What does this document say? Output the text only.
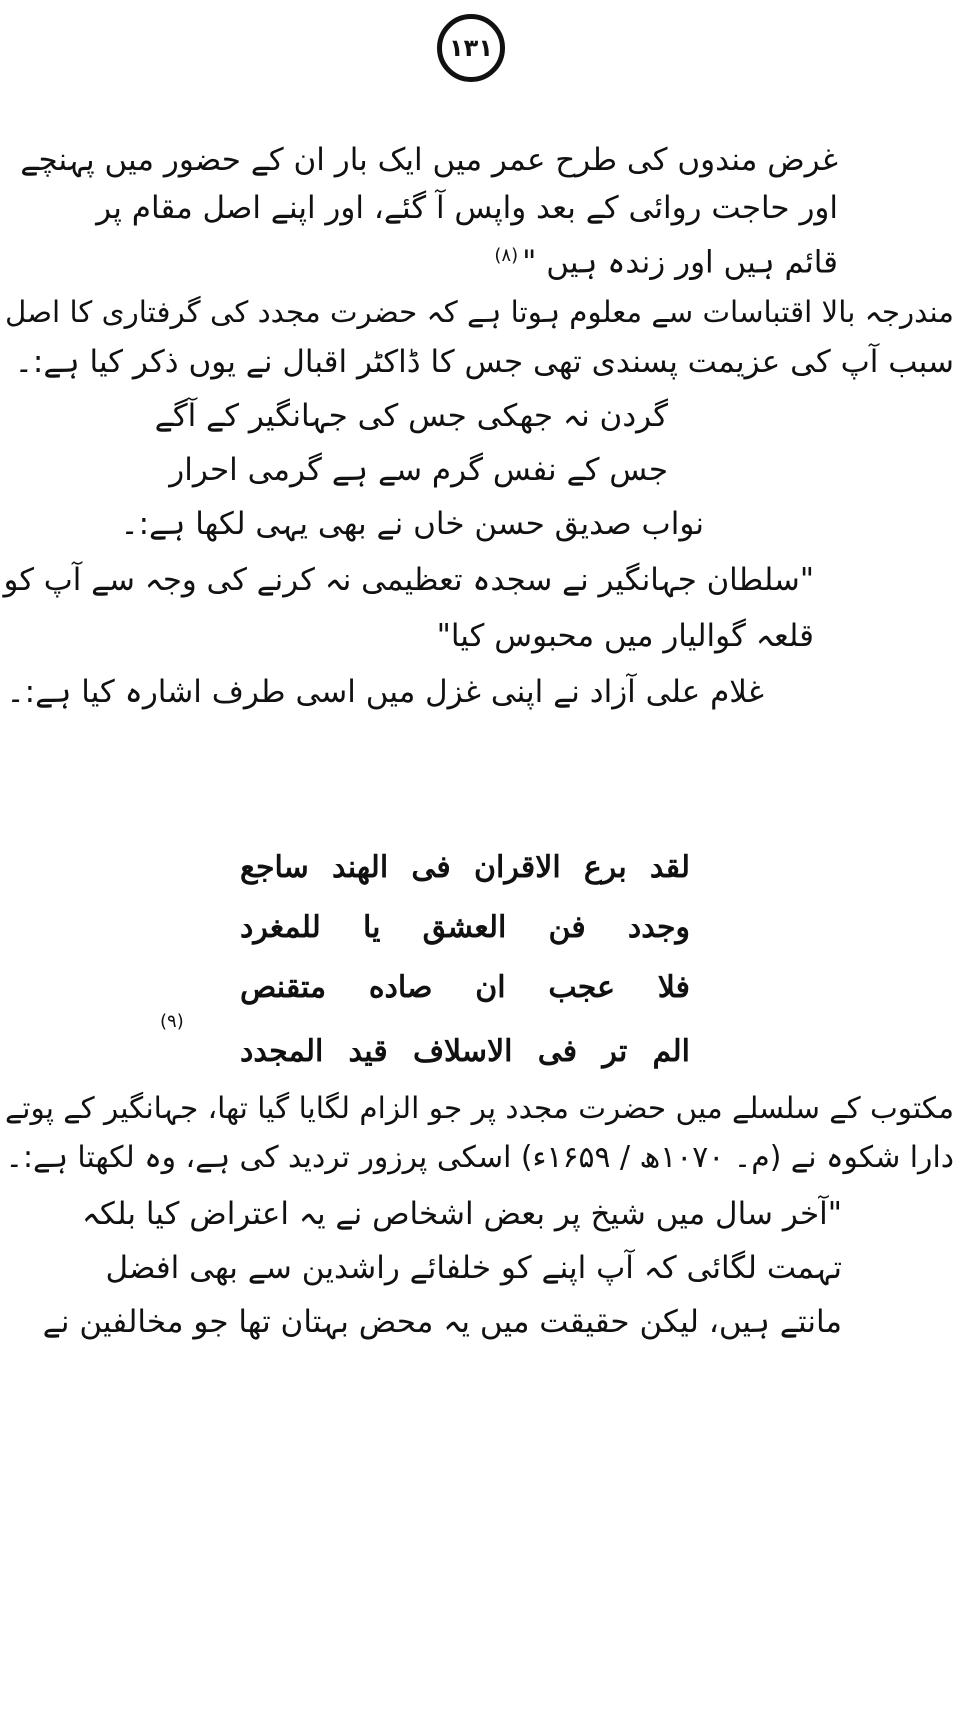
۱۳۱
غرض مندوں کی طرح عمر میں ایک بار ان کے حضور میں پہنچے
اور حاجت روائی کے بعد واپس آ گئے، اور اپنے اصل مقام پر
قائم ہیں اور زندہ ہیں "$^{(۸)}$
مندرجہ بالا اقتباسات سے معلوم ہوتا ہے کہ حضرت مجدد کی گرفتاری کا اصل
سبب آپ کی عزیمت پسندی تھی جس کا ڈاکٹر اقبال نے یوں ذکر کیا ہے:۔
گردن نہ جھکی جس کی جہانگیر کے آگے
جس کے نفس گرم سے ہے گرمی احرار
نواب صدیق حسن خاں نے بھی یہی لکھا ہے:۔
"سلطان جہانگیر نے سجدہ تعظیمی نہ کرنے کی وجہ سے آپ کو
قلعہ گوالیار میں محبوس کیا"
غلام علی آزاد نے اپنی غزل میں اسی طرف اشارہ کیا ہے:۔
لقد
برع
الاقران
فی
الهند
ساجع
وجدد
فن
العشق
یا
للمغرد
فلا
عجب
ان
صاده
متقنص
الم
تر
فی
الاسلاف
قید
المجدد
(۹)
مکتوب کے سلسلے میں حضرت مجدد پر جو الزام لگایا گیا تھا، جہانگیر کے پوتے
دارا شکوہ نے (م۔ ۱۰۷۰ھ / ۱۶۵۹ء) اسکی پرزور تردید کی ہے، وہ لکھتا ہے:۔
"آخر سال میں شیخ پر بعض اشخاص نے یہ اعتراض کیا بلکہ
تہمت لگائی کہ آپ اپنے کو خلفائے راشدین سے بھی افضل
مانتے ہیں، لیکن حقیقت میں یہ محض بہتان تھا جو مخالفین نے
